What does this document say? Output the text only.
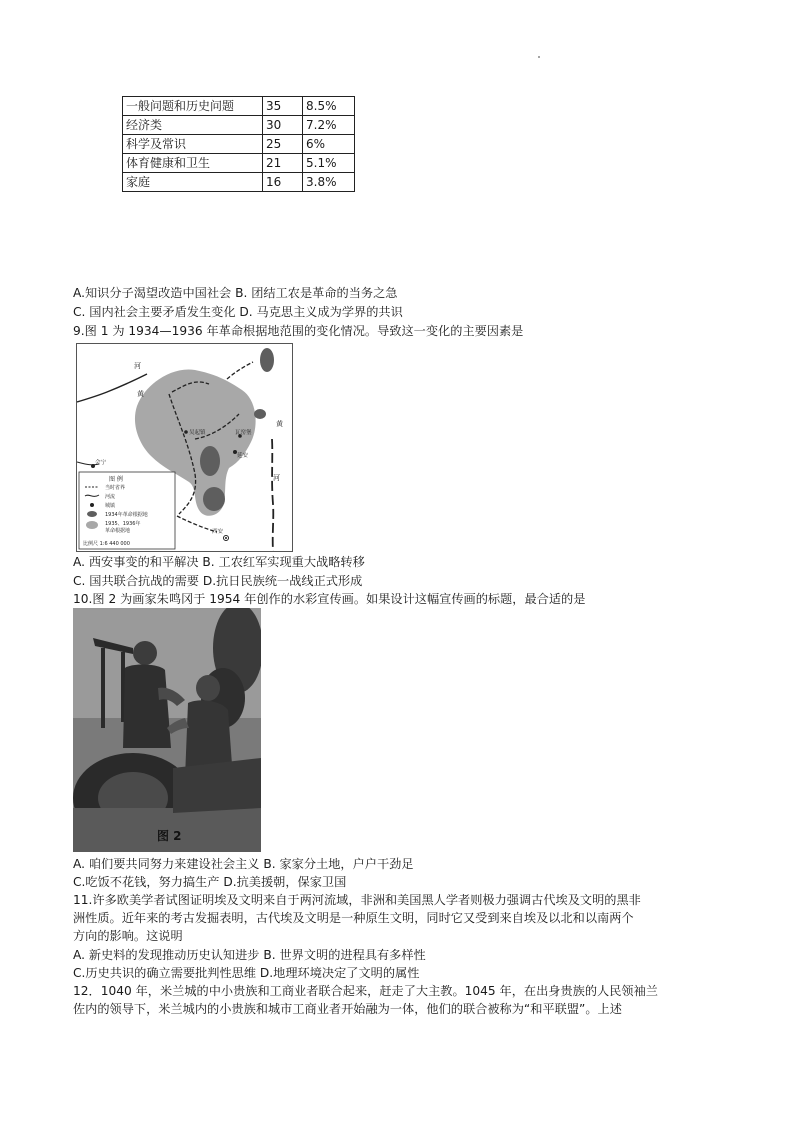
一般问题和历史问题	35	8.5%
经济类	30	7.2%
科学及常识	25	6%
体育健康和卫生	21	5.1%
家庭	16	3.8%
A.知识分子渴望改造中国社会 B. 团结工农是革命的当务之急
C. 国内社会主要矛盾发生变化 D. 马克思主义成为学界的共识
9.图 1 为 1934—1936 年革命根据地范围的变化情况。导致这一变化的主要因素是
河
黄
吴起镇	瓦窑堡
延安
黄
河
会宁
西安
图 例
当时省界
河流
城镇
1934年革命根据地
1935、1936年
革命根据地
比例尺 1:6 440 000
A. 西安事变的和平解决 B. 工农红军实现重大战略转移
C. 国共联合抗战的需要 D.抗日民族统一战线正式形成
10.图 2 为画家朱鸣冈于 1954 年创作的水彩宣传画。如果设计这幅宣传画的标题，最合适的是
图 2
A. 咱们要共同努力来建设社会主义 B. 家家分土地，户户干劲足
C.吃饭不花钱，努力搞生产 D.抗美援朝，保家卫国
11.许多欧美学者试图证明埃及文明来自于两河流域，非洲和美国黑人学者则极力强调古代埃及文明的黑非
洲性质。近年来的考古发掘表明，古代埃及文明是一种原生文明，同时它又受到来自埃及以北和以南两个
方向的影响。这说明
A. 新史料的发现推动历史认知进步 B. 世界文明的进程具有多样性
C.历史共识的确立需要批判性思维 D.地理环境决定了文明的属性
12．1040 年，米兰城的中小贵族和工商业者联合起来，赶走了大主教。1045 年，在出身贵族的人民领袖兰
佐内的领导下，米兰城内的小贵族和城市工商业者开始融为一体，他们的联合被称为“和平联盟”。上述
